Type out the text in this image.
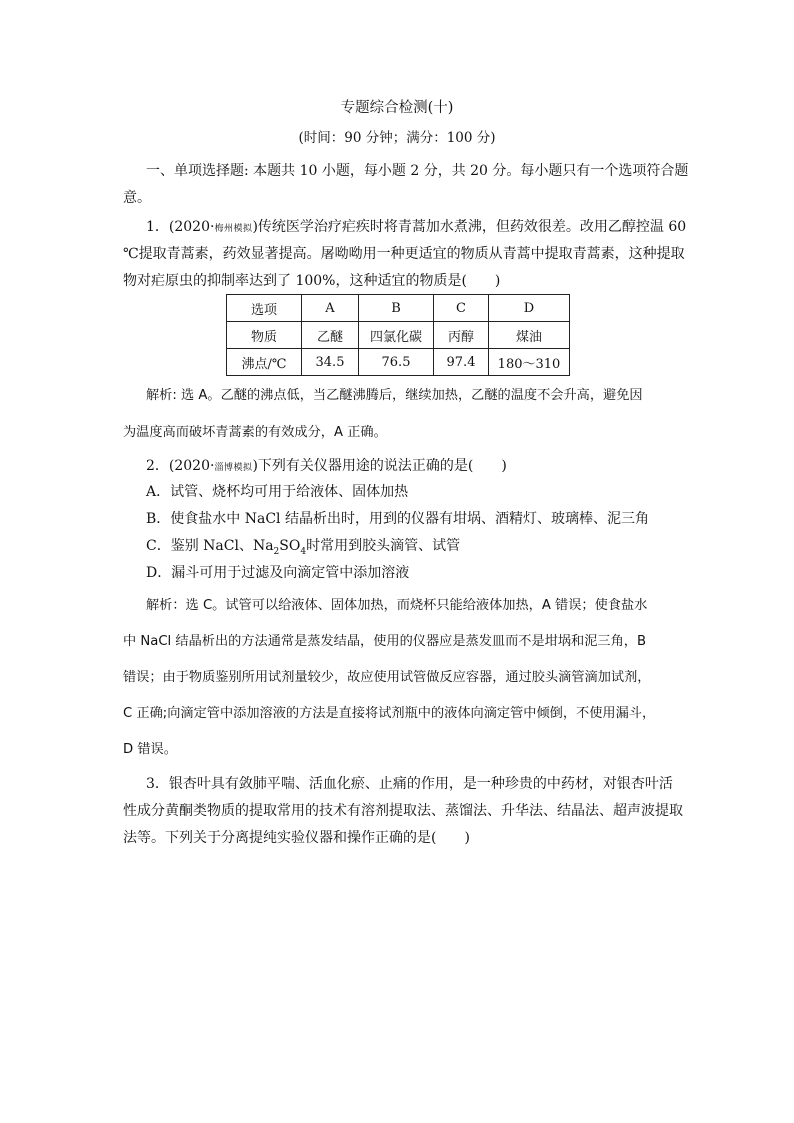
专题综合检测(十)
(时间：90 分钟；满分：100 分)
一、单项选择题: 本题共 10 小题，每小题 2 分，共 20 分。每小题只有一个选项符合题
意。
1．(2020·梅州模拟)传统医学治疗疟疾时将青蒿加水煮沸，但药效很差。改用乙醇控温 60
℃提取青蒿素，药效显著提高。屠呦呦用一种更适宜的物质从青蒿中提取青蒿素，这种提取
物对疟原虫的抑制率达到了 100%，这种适宜的物质是(　　)
选项	A	B	C	D
物质	乙醚	四氯化碳	丙醇	煤油
沸点/℃	34.5	76.5	97.4	180～310
解析: 选 A。乙醚的沸点低，当乙醚沸腾后，继续加热，乙醚的温度不会升高，避免因
为温度高而破坏青蒿素的有效成分，A 正确。
2．(2020·淄博模拟)下列有关仪器用途的说法正确的是(　　)
A．试管、烧杯均可用于给液体、固体加热
B．使食盐水中 NaCl 结晶析出时，用到的仪器有坩埚、酒精灯、玻璃棒、泥三角
C．鉴别 NaCl、$Na_2SO_4$时常用到胶头滴管、试管
D．漏斗可用于过滤及向滴定管中添加溶液
解析：选 C。试管可以给液体、固体加热，而烧杯只能给液体加热，A 错误；使食盐水
中 NaCl 结晶析出的方法通常是蒸发结晶，使用的仪器应是蒸发皿而不是坩埚和泥三角，B
错误；由于物质鉴别所用试剂量较少，故应使用试管做反应容器，通过胶头滴管滴加试剂，
C 正确;向滴定管中添加溶液的方法是直接将试剂瓶中的液体向滴定管中倾倒，不使用漏斗，
D 错误。
3．银杏叶具有敛肺平喘、活血化瘀、止痛的作用，是一种珍贵的中药材，对银杏叶活
性成分黄酮类物质的提取常用的技术有溶剂提取法、蒸馏法、升华法、结晶法、超声波提取
法等。下列关于分离提纯实验仪器和操作正确的是(　　)
